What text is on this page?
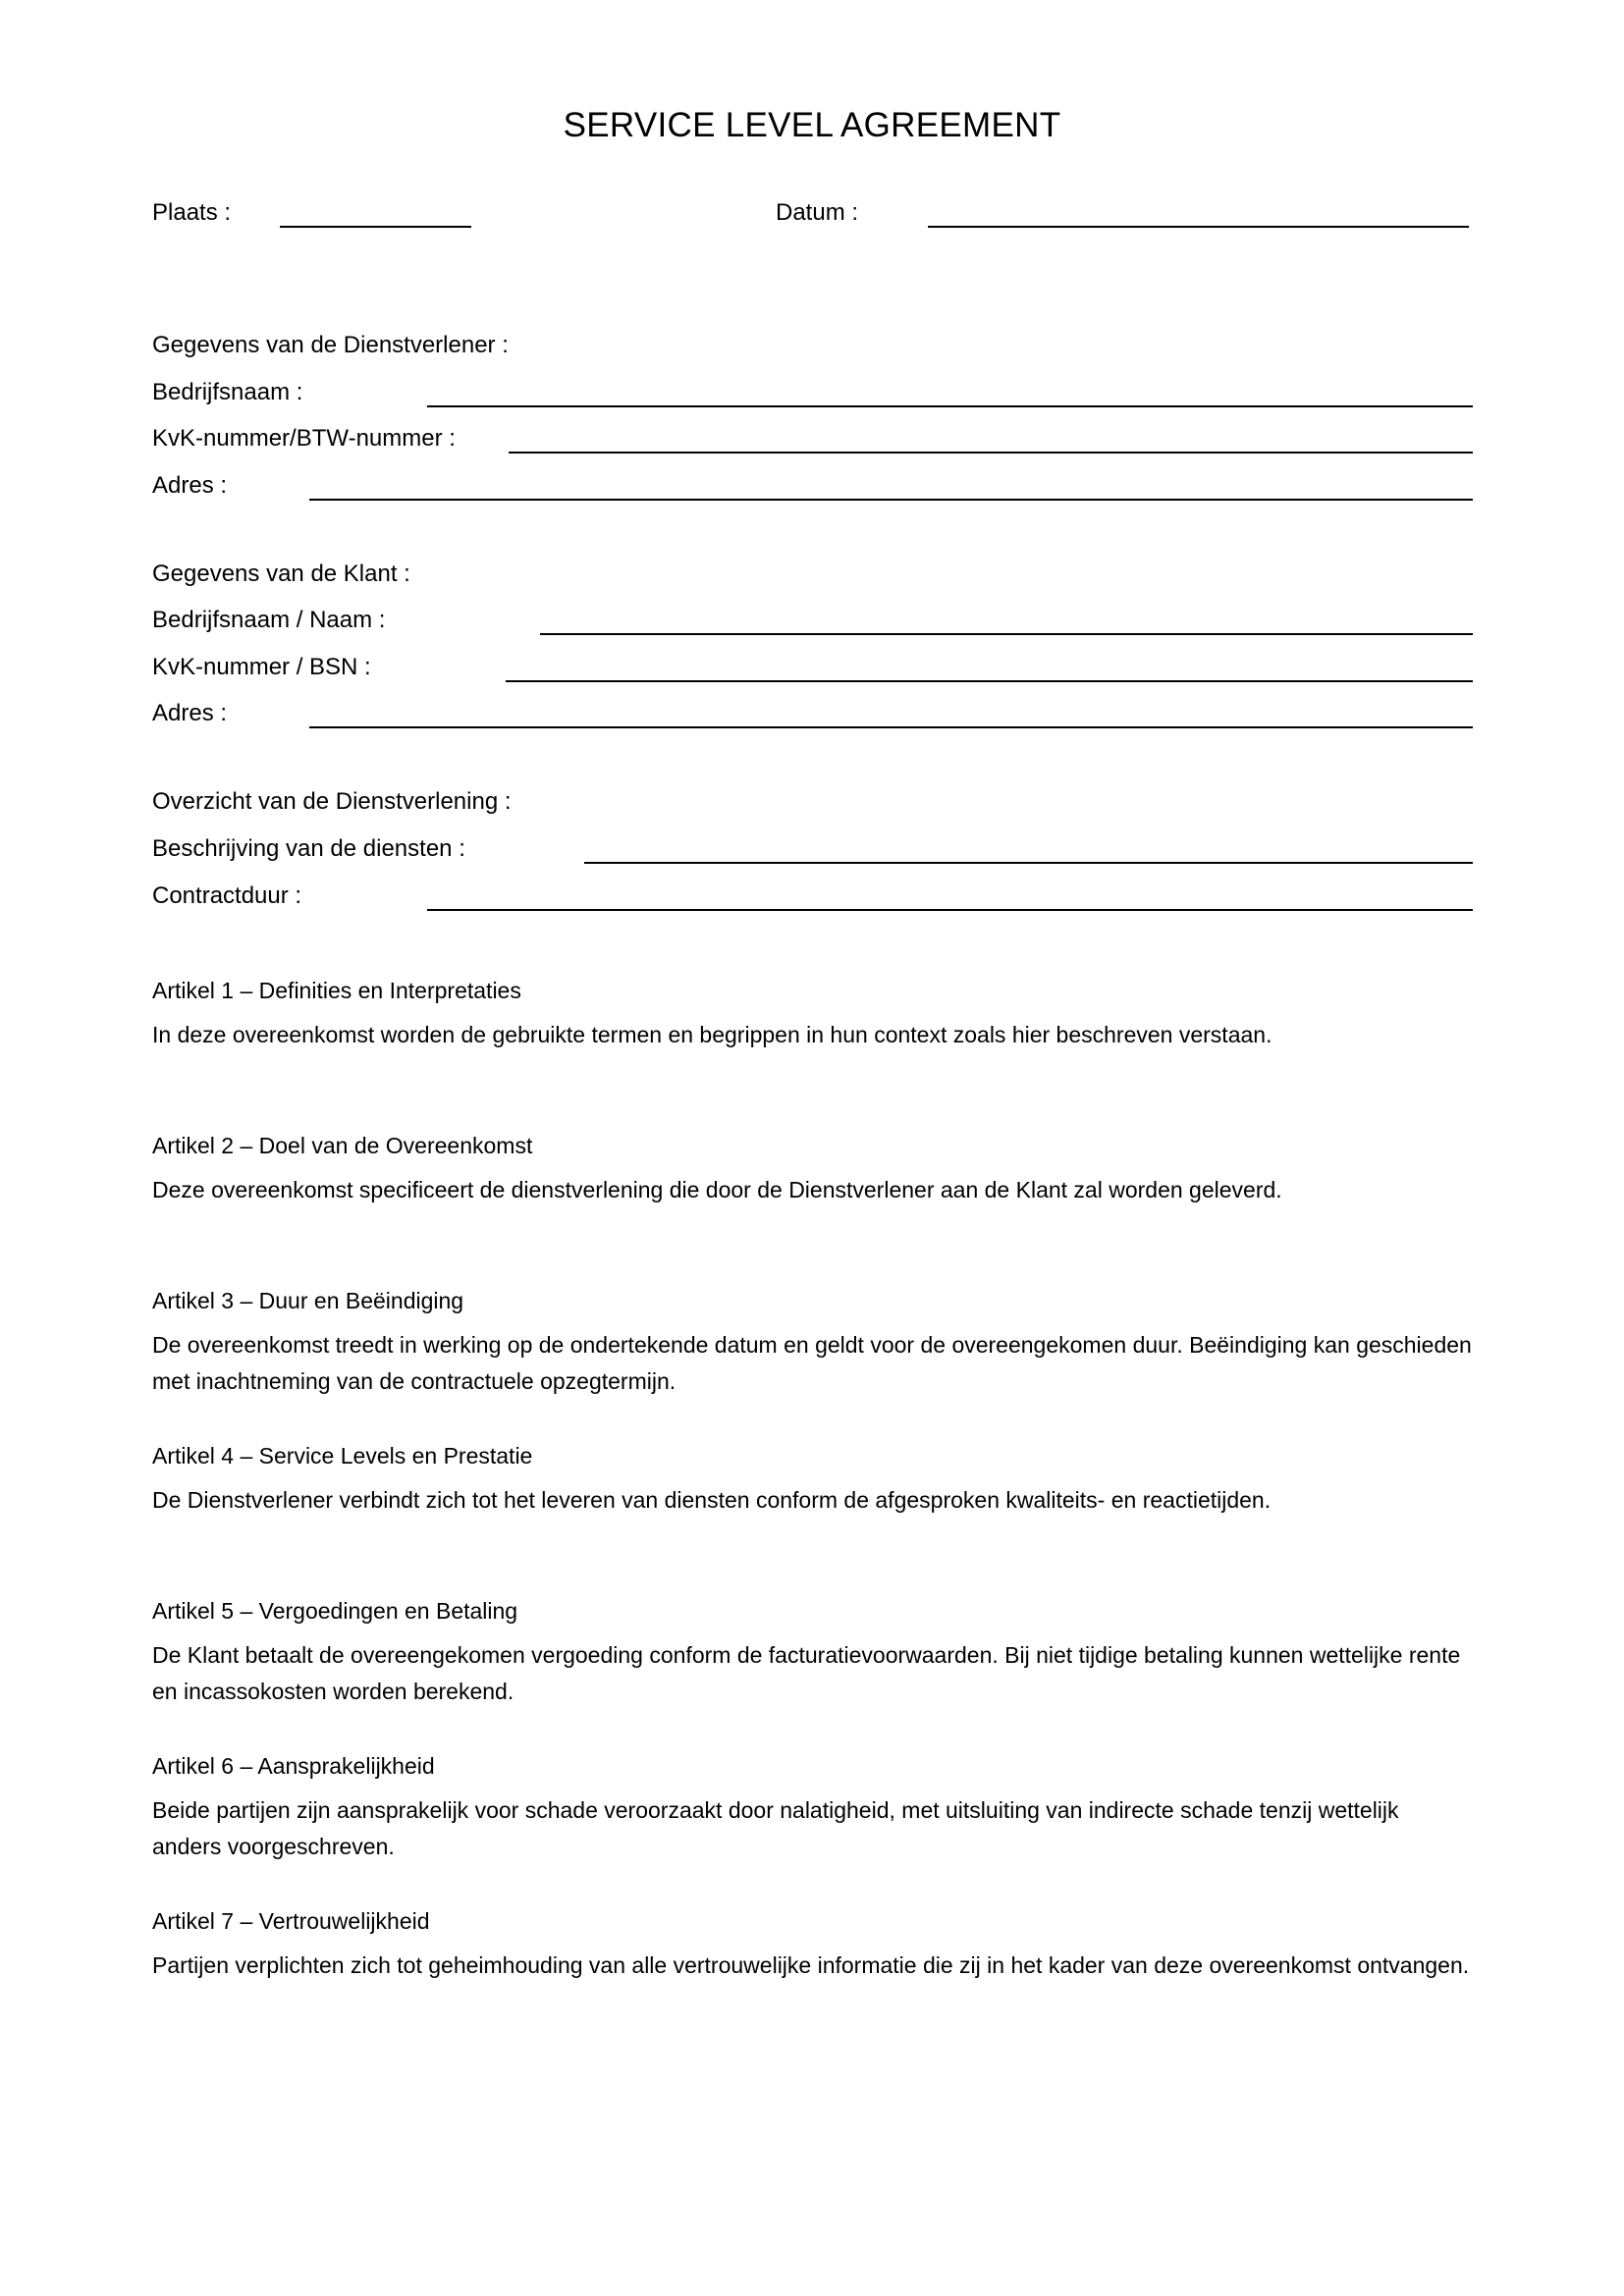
SERVICE LEVEL AGREEMENT
Plaats :	Datum :
Gegevens van de Dienstverlener :
Bedrijfsnaam :
KvK-nummer/BTW-nummer :
Adres :
Gegevens van de Klant :
Bedrijfsnaam / Naam :
KvK-nummer / BSN :
Adres :
Overzicht van de Dienstverlening :
Beschrijving van de diensten :
Contractduur :

Artikel 1 – Definities en Interpretaties

In deze overeenkomst worden de gebruikte termen en begrippen in hun context zoals hier beschreven verstaan.

Artikel 2 – Doel van de Overeenkomst

Deze overeenkomst specificeert de dienstverlening die door de Dienstverlener aan de Klant zal worden geleverd.

Artikel 3 – Duur en Beëindiging

De overeenkomst treedt in werking op de ondertekende datum en geldt voor de overeengekomen duur. Beëindiging kan geschieden met inachtneming van de contractuele opzegtermijn.

Artikel 4 – Service Levels en Prestatie

De Dienstverlener verbindt zich tot het leveren van diensten conform de afgesproken kwaliteits- en reactietijden.

Artikel 5 – Vergoedingen en Betaling

De Klant betaalt de overeengekomen vergoeding conform de facturatievoorwaarden. Bij niet tijdige betaling kunnen wettelijke rente en incassokosten worden berekend.

Artikel 6 – Aansprakelijkheid

Beide partijen zijn aansprakelijk voor schade veroorzaakt door nalatigheid, met uitsluiting van indirecte schade tenzij wettelijk anders voorgeschreven.

Artikel 7 – Vertrouwelijkheid

Partijen verplichten zich tot geheimhouding van alle vertrouwelijke informatie die zij in het kader van deze overeenkomst ontvangen.
